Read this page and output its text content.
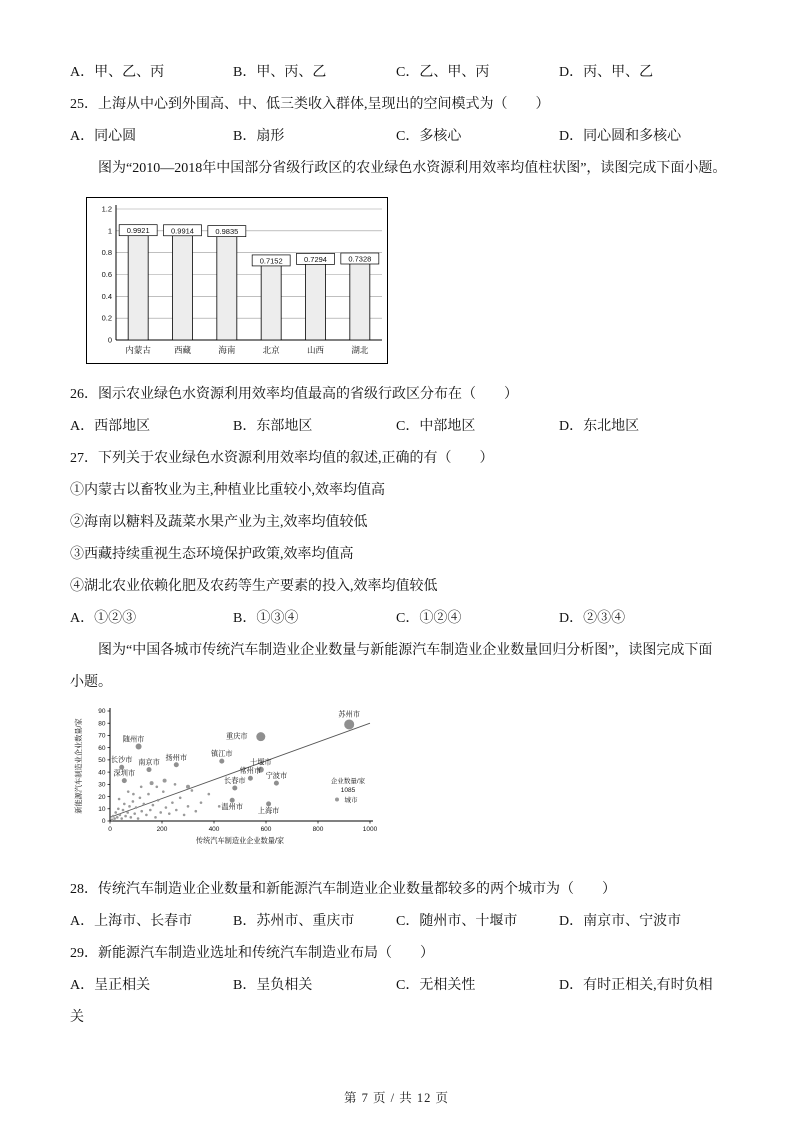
A．甲、乙、丙	B．甲、丙、乙	C．乙、甲、丙	D．丙、甲、乙
25．上海从中心到外围高、中、低三类收入群体,呈现出的空间模式为（　　）
A．同心圆	B．扇形	C．多核心	D．同心圆和多核心
图为“2010—2018年中国部分省级行政区的农业绿色水资源利用效率均值柱状图”，读图完成下面小题。
0
0.2
0.4
0.6
0.8
1
1.2
0.9921
内蒙古
0.9914
西藏
0.9835
海南
0.7152
北京
0.7294
山西
0.7328
湖北
26．图示农业绿色水资源利用效率均值最高的省级行政区分布在（　　）
A．西部地区	B．东部地区	C．中部地区	D．东北地区
27．下列关于农业绿色水资源利用效率均值的叙述,正确的有（　　）
①内蒙古以畜牧业为主,种植业比重较小,效率均值高
②海南以糖料及蔬菜水果产业为主,效率均值较低
③西藏持续重视生态环境保护政策,效率均值高
④湖北农业依赖化肥及农药等生产要素的投入,效率均值较低
A．①②③	B．①③④	C．①②④	D．②③④
图为“中国各城市传统汽车制造业企业数量与新能源汽车制造业企业数量回归分析图”，读图完成下面小题。
0
10
20
30
40
50
60
70
80
90
0	200	400	600	800	1000
随州市
长沙市 南京市
扬州市
深圳市
镇江市
十堰市
常州市
重庆市
苏州市
长春市
宁波市
温州市 上海市
企业数量/家
1085
城市
传统汽车制造业企业数量/家
新能源汽车制造业企业数量/家
28．传统汽车制造业企业数量和新能源汽车制造业企业数量都较多的两个城市为（　　）
A．上海市、长春市	B．苏州市、重庆市	C．随州市、十堰市	D．南京市、宁波市
29．新能源汽车制造业选址和传统汽车制造业布局（　　）
A．呈正相关	B．呈负相关	C．无相关性	D．有时正相关,有时负相关
第 7 页 / 共 12 页
